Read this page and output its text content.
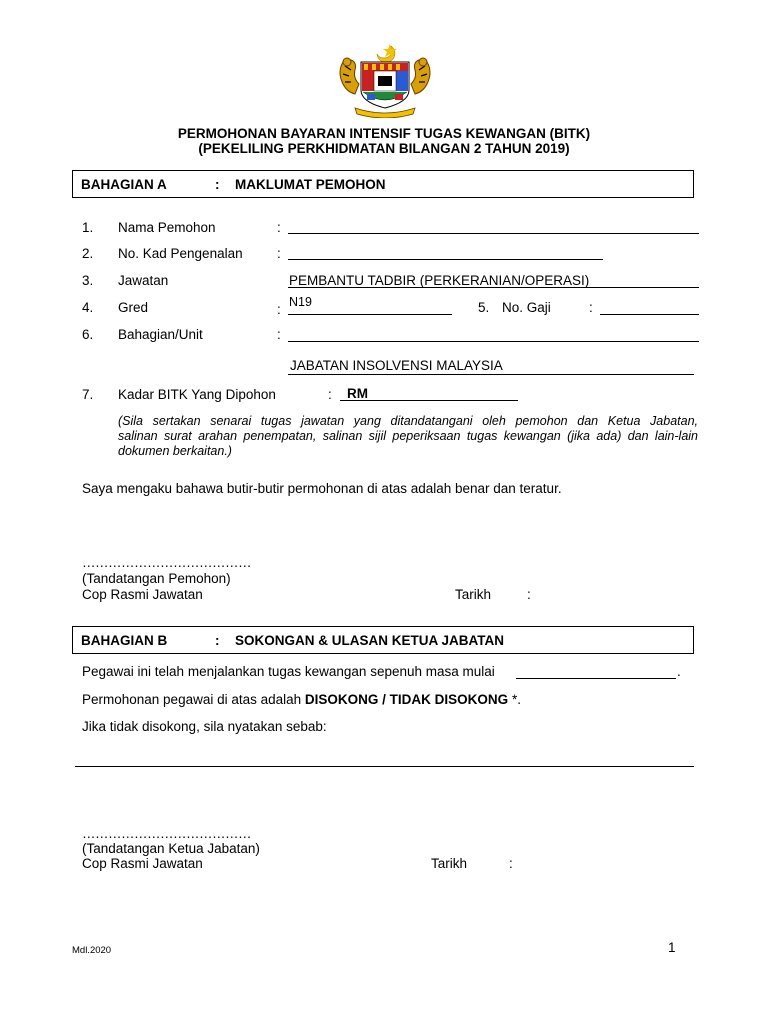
PERMOHONAN BAYARAN INTENSIF TUGAS KEWANGAN (BITK)
(PEKELILING PERKHIDMATAN BILANGAN 2 TAHUN 2019)
BAHAGIAN A	: MAKLUMAT PEMOHON
1. Nama Pemohon	:
2. No. Kad Pengenalan	:
3. Jawatan	PEMBANTU TADBIR (PERKERANIAN/OPERASI)
4. Gred	: N19	5. No. Gaji	:
6. Bahagian/Unit	:
JABATAN INSOLVENSI MALAYSIA
7. Kadar BITK Yang Dipohon	: RM
(Sila sertakan senarai tugas jawatan yang ditandatangani oleh pemohon dan Ketua Jabatan,
salinan surat arahan penempatan, salinan sijil peperiksaan tugas kewangan (jika ada) dan lain-lain
dokumen berkaitan.)
Saya mengaku bahawa butir-butir permohonan di atas adalah benar dan teratur.
…………………………………
(Tandatangan Pemohon)
Cop Rasmi Jawatan	Tarikh	:
BAHAGIAN B	: SOKONGAN & ULASAN KETUA JABATAN
Pegawai ini telah menjalankan tugas kewangan sepenuh masa mulai	.
Permohonan pegawai di atas adalah DISOKONG / TIDAK DISOKONG *.
Jika tidak disokong, sila nyatakan sebab:
…………………………………
(Tandatangan Ketua Jabatan)
Cop Rasmi Jawatan	Tarikh	:
Mdl.2020	1
